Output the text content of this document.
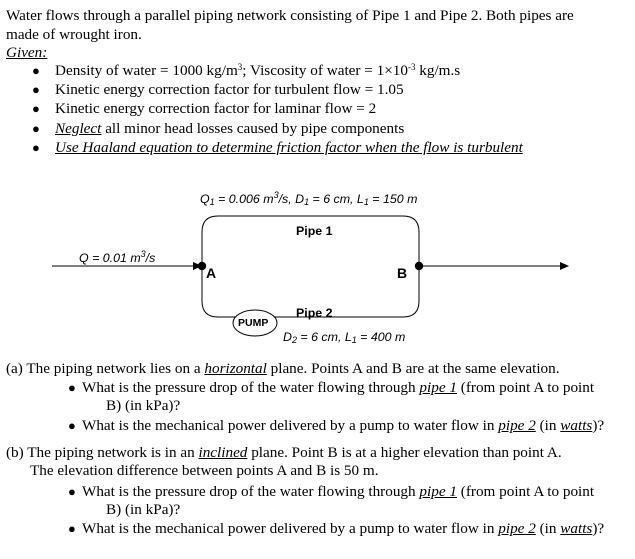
Water flows through a parallel piping network consisting of Pipe 1 and Pipe 2. Both pipes are
made of wrought iron.
Given:
● Density of water = 1000 $kg/m^3$; Viscosity of water = $1\times 10^{-3}$ kg/m.s
● Kinetic energy correction factor for turbulent flow = 1.05
● Kinetic energy correction factor for laminar flow = 2
● Neglect all minor head losses caused by pipe components
● Use Haaland equation to determine friction factor when the flow is turbulent
$Q_1 = 0.006$ $m^3/s$, $D_1 = 6$ cm, $L_1 = 150$ m
Pipe 1
Q = 0.01 $m^3/s$
A	B
PUMP
Pipe 2
$D_2 = 6$ cm, $L_1 = 400$ m
(a) The piping network lies on a horizontal plane. Points A and B are at the same elevation.
● What is the pressure drop of the water flowing through pipe 1 (from point A to point
B) (in kPa)?
● What is the mechanical power delivered by a pump to water flow in pipe 2 (in watts)?
(b) The piping network is in an inclined plane. Point B is at a higher elevation than point A.
The elevation difference between points A and B is 50 m.
● What is the pressure drop of the water flowing through pipe 1 (from point A to point
B) (in kPa)?
● What is the mechanical power delivered by a pump to water flow in pipe 2 (in watts)?
